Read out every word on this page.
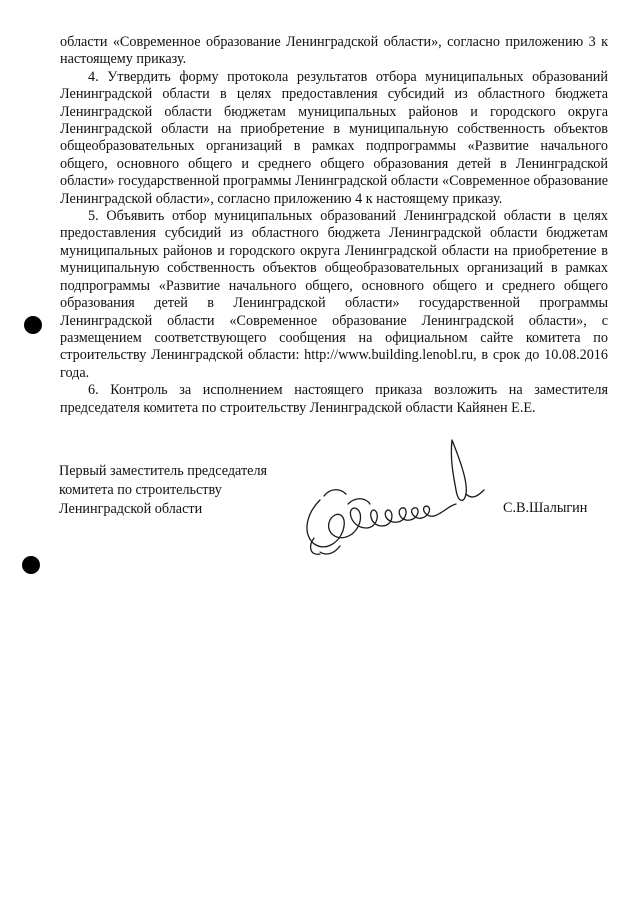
области «Современное образование Ленинградской области», согласно приложению 3 к настоящему приказу.

4. Утвердить форму протокола результатов отбора муниципальных образований Ленинградской области в целях предоставления субсидий из областного бюджета Ленинградской области бюджетам муниципальных районов и городского округа Ленинградской области на приобретение в муниципальную собственность объектов общеобразовательных организаций в рамках подпрограммы «Развитие начального общего, основного общего и среднего общего образования детей в Ленинградской области» государственной программы Ленинградской области «Современное образование Ленинградской области», согласно приложению 4 к настоящему приказу.

5. Объявить отбор муниципальных образований Ленинградской области в целях предоставления субсидий из областного бюджета Ленинградской области бюджетам муниципальных районов и городского округа Ленинградской области на приобретение в муниципальную собственность объектов общеобразовательных организаций в рамках подпрограммы «Развитие начального общего, основного общего и среднего общего образования детей в Ленинградской области» государственной программы Ленинградской области «Современное образование Ленинградской области», с размещением соответствующего сообщения на официальном сайте комитета по строительству Ленинградской области: http://www.building.lenobl.ru, в срок до 10.08.2016 года.

6. Контроль за исполнением настоящего приказа возложить на заместителя председателя комитета по строительству Ленинградской области Кайянен Е.Е.

Первый заместитель председателя
комитета по строительству
Ленинградской области	С.В.Шалыгин
